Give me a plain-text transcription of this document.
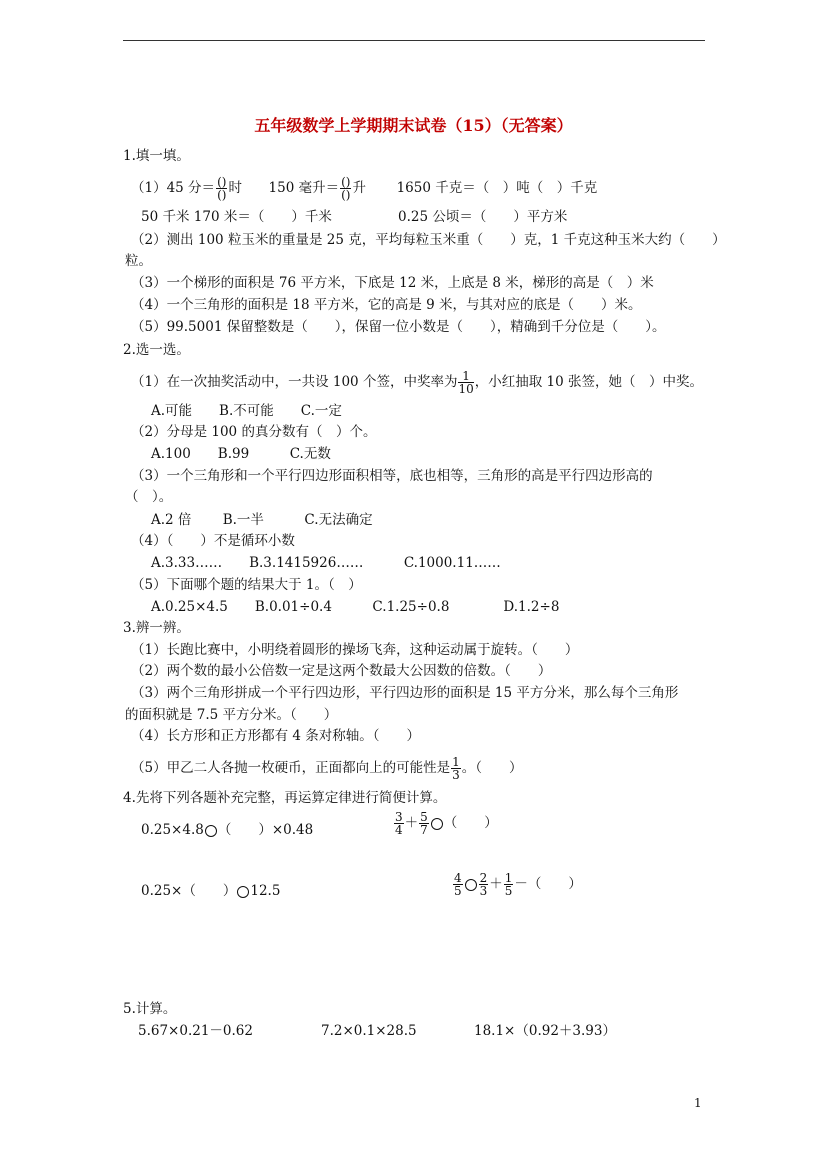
五年级数学上学期期末试卷（15）（无答案）
1.填一填。
（1）45 分＝ $\frac{()}{()}$ 时 150 毫升＝ $\frac{()}{()}$ 升 1650 千克＝（　）吨（　）千克
50 千米 170 米＝（　　）千米	0.25 公顷＝（　　）平方米
（2）测出 100 粒玉米的重量是 25 克，平均每粒玉米重（　　）克，1 千克这种玉米大约（　　）
粒。
（3）一个梯形的面积是 76 平方米，下底是 12 米，上底是 8 米，梯形的高是（　）米
（4）一个三角形的面积是 18 平方米，它的高是 9 米，与其对应的底是（　　）米。
（5）99.5001 保留整数是（　　），保留一位小数是（　　），精确到千分位是（　　）。
2.选一选。
（1）在一次抽奖活动中，一共设 100 个签，中奖率为 $\frac{1}{10}$ ，小红抽取 10 张签，她（　）中奖。
A.可能　　B.不可能　　C.一定
（2）分母是 100 的真分数有（　）个。
A.100　　B.99　　　C.无数
（3）一个三角形和一个平行四边形面积相等，底也相等，三角形的高是平行四边形高的
（　）。
A.2 倍　　 B.一半　　　C.无法确定
（4）（　　）不是循环小数
A.3.33……　　B.3.1415926……　　　C.1000.11……
（5）下面哪个题的结果大于 1。（　）
A.0.25×4.5　　B.0.01÷0.4　　　C.1.25÷0.8　　　　D.1.2÷8
3.辨一辨。
（1）长跑比赛中，小明绕着圆形的操场飞奔，这种运动属于旋转。（　　）
（2）两个数的最小公倍数一定是这两个数最大公因数的倍数。（　　）
（3）两个三角形拼成一个平行四边形，平行四边形的面积是 15 平方分米，那么每个三角形
的面积就是 7.5 平方分米。（　　）
（4）长方形和正方形都有 4 条对称轴。（　　）
（5）甲乙二人各抛一枚硬币，正面都向上的可能性是 $\frac{1}{3}$ 。（　　）
4.先将下列各题补充完整，再运算定律进行简便计算。
0.25×4.8 （　　）×0.48	$\frac{3}{4} + \frac{5}{7}$ （　　）
0.25×（　　） 12.5	$\frac{4}{5} \frac{2}{3} + \frac{1}{5}$ －（　　）
5.计算。
5.67×0.21－0.62	7.2×0.1×28.5	18.1×（0.92＋3.93）
1
